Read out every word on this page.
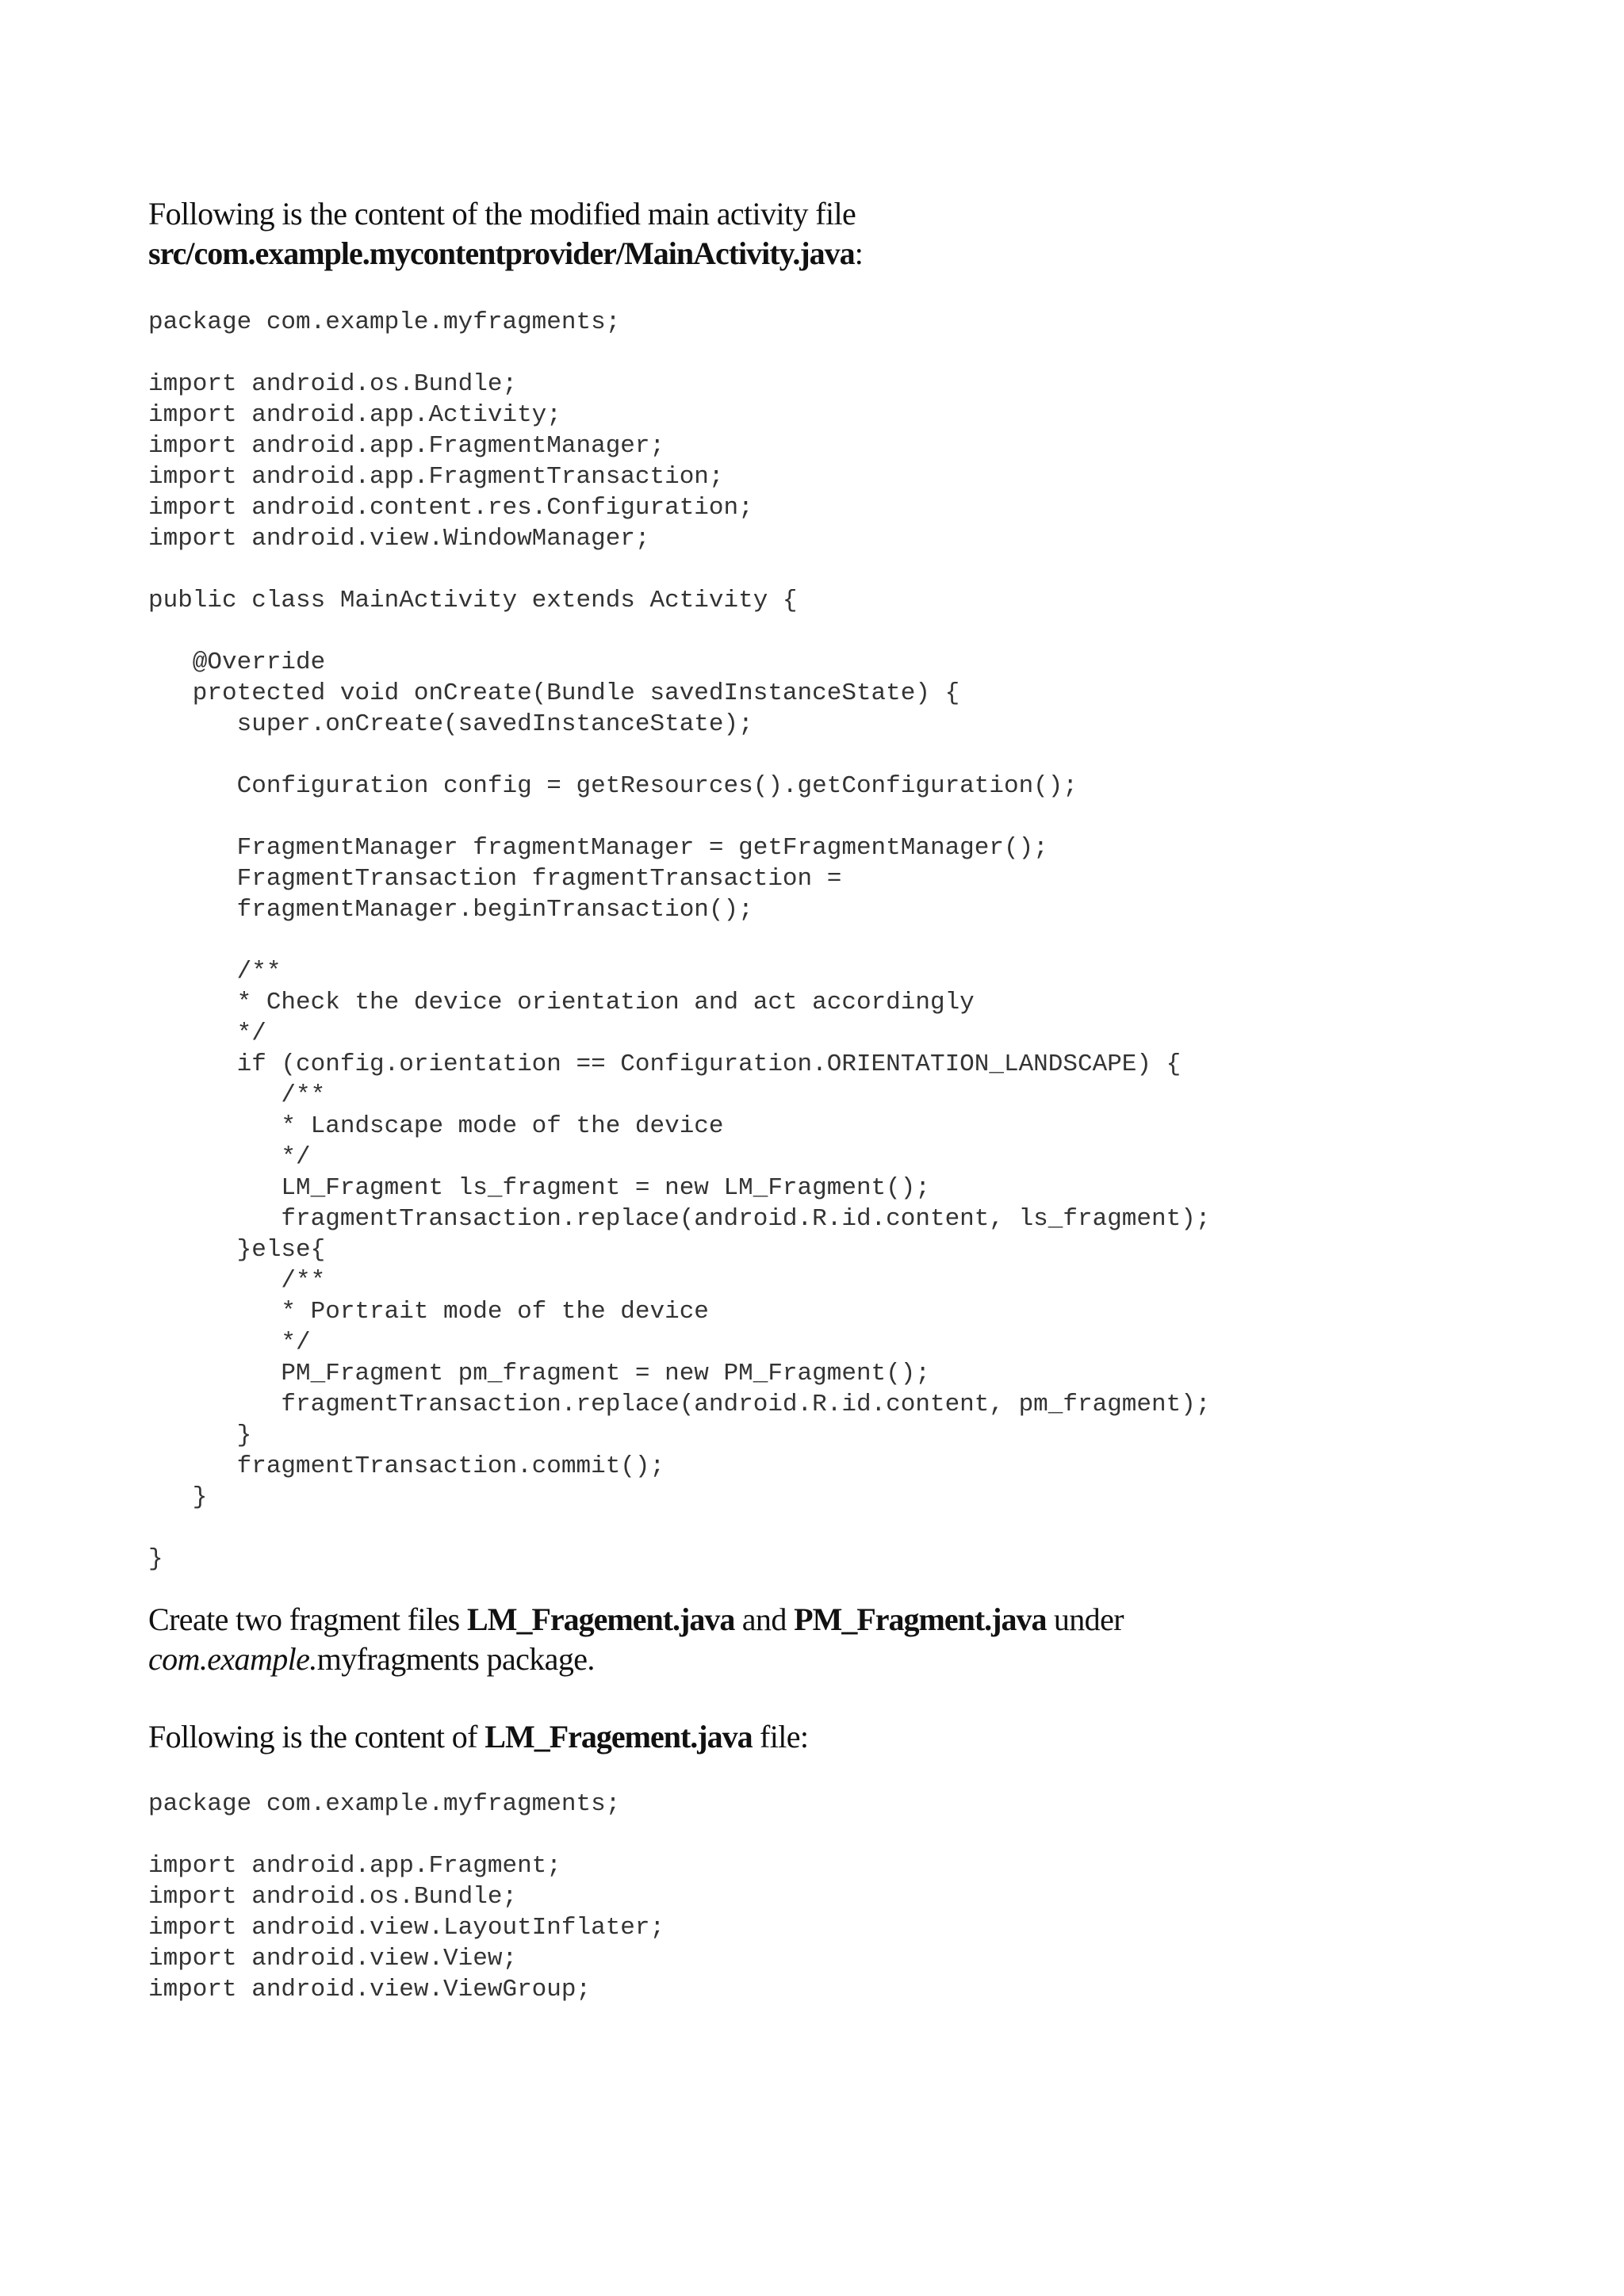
Following is the content of the modified main activity file
src/com.example.mycontentprovider/MainActivity.java:

package com.example.myfragments;
import android.os.Bundle;
import android.app.Activity;
import android.app.FragmentManager;
import android.app.FragmentTransaction;
import android.content.res.Configuration;
import android.view.WindowManager;
public class MainActivity extends Activity {
@Override
protected void onCreate(Bundle savedInstanceState) {
super.onCreate(savedInstanceState);
Configuration config = getResources().getConfiguration();
FragmentManager fragmentManager = getFragmentManager();
FragmentTransaction fragmentTransaction =
fragmentManager.beginTransaction();
/**
* Check the device orientation and act accordingly
*/
if (config.orientation == Configuration.ORIENTATION_LANDSCAPE) {
/**
* Landscape mode of the device
*/
LM_Fragment ls_fragment = new LM_Fragment();
fragmentTransaction.replace(android.R.id.content, ls_fragment);
}else{
/**
* Portrait mode of the device
*/
PM_Fragment pm_fragment = new PM_Fragment();
fragmentTransaction.replace(android.R.id.content, pm_fragment);
}
fragmentTransaction.commit();
}
}

Create two fragment files LM_Fragement.java and PM_Fragment.java under
com.example.myfragments package.

Following is the content of LM_Fragement.java file:

package com.example.myfragments;
import android.app.Fragment;
import android.os.Bundle;
import android.view.LayoutInflater;
import android.view.View;
import android.view.ViewGroup;
